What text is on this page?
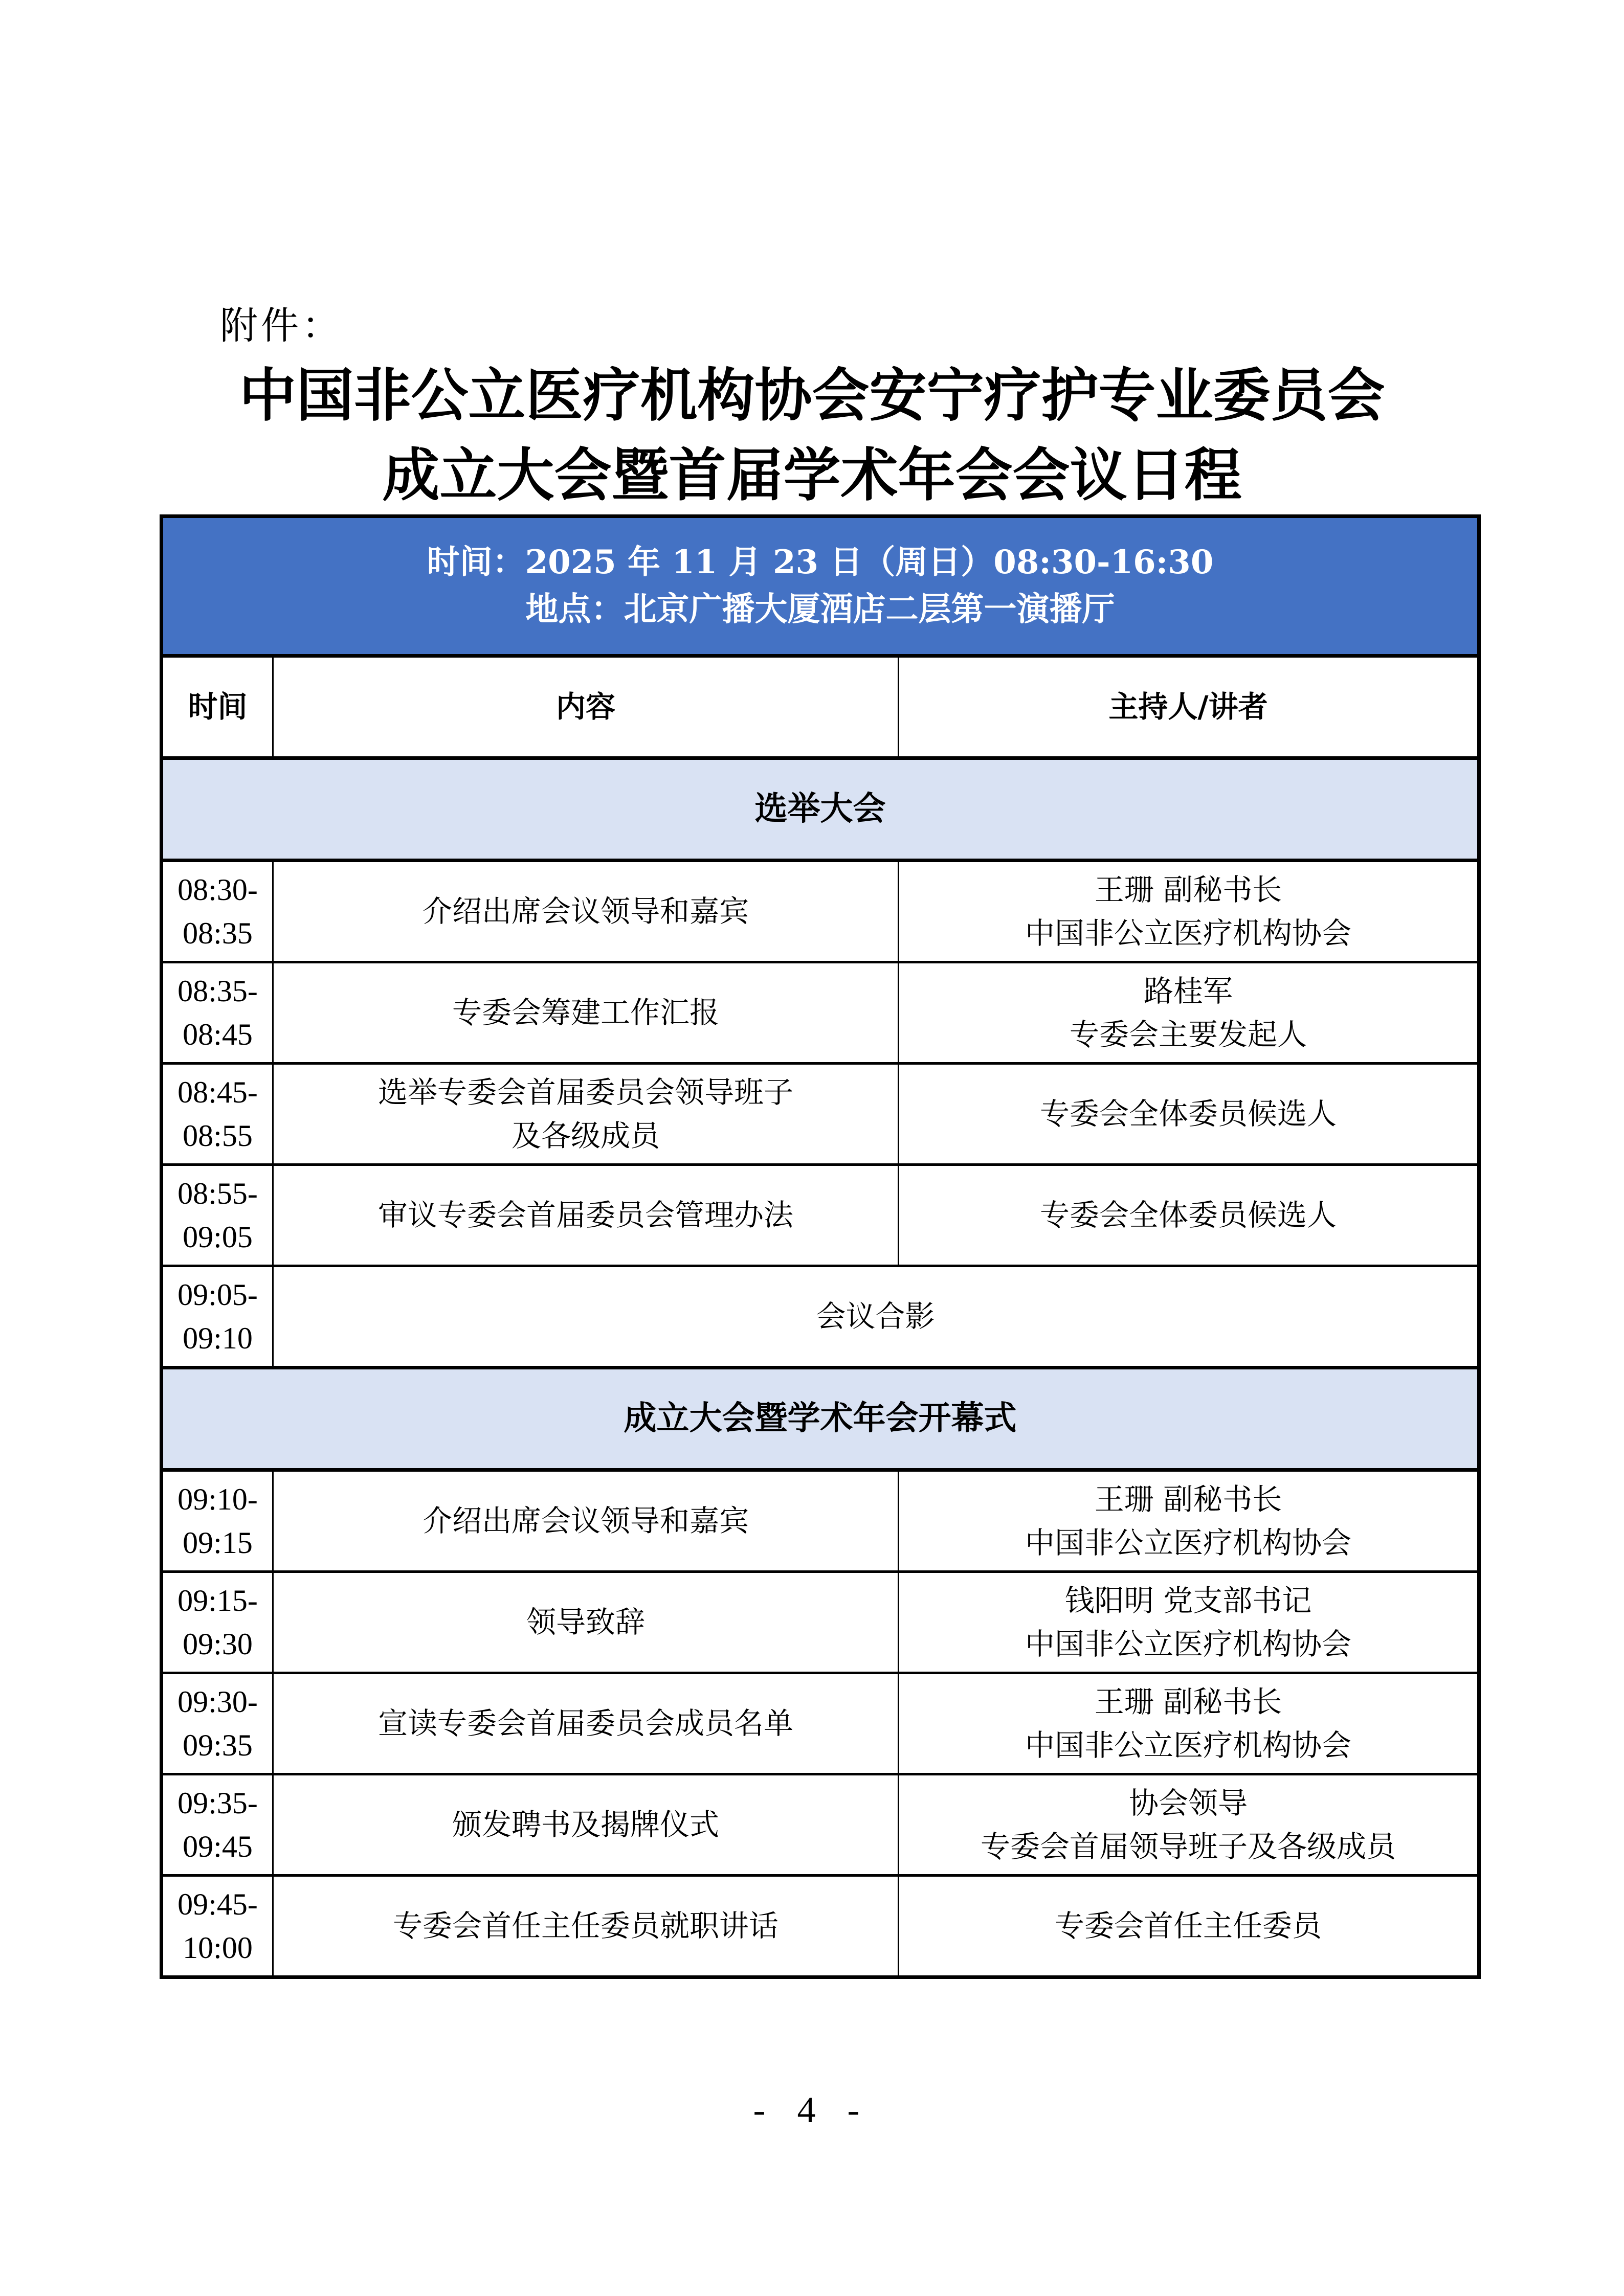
附件：
中国非公立医疗机构协会安宁疗护专业委员会
成立大会暨首届学术年会会议日程
时间：2025 年 11 月 23 日（周日）08:30-16:30
地点：北京广播大厦酒店二层第一演播厅		

时间	内容	主持人/讲者
选举大会		
08:30-08:35	介绍出席会议领导和嘉宾	王珊 副秘书长
中国非公立医疗机构协会

08:35-08:45	专委会筹建工作汇报	路桂军
专委会主要发起人

08:45-08:55	选举专委会首届委员会领导班子
及各级成员	专委会全体委员候选人

08:55-09:05	审议专委会首届委员会管理办法	专委会全体委员候选人

09:05-09:10	会议合影	
成立大会暨学术年会开幕式		
09:10-09:15	介绍出席会议领导和嘉宾	王珊 副秘书长
中国非公立医疗机构协会

09:15-09:30	领导致辞	钱阳明 党支部书记
中国非公立医疗机构协会

09:30-09:35	宣读专委会首届委员会成员名单	王珊 副秘书长
中国非公立医疗机构协会

09:35-09:45	颁发聘书及揭牌仪式	协会领导
专委会首届领导班子及各级成员

09:45-10:00	专委会首任主任委员就职讲话	专委会首任主任委员
- 4 -
